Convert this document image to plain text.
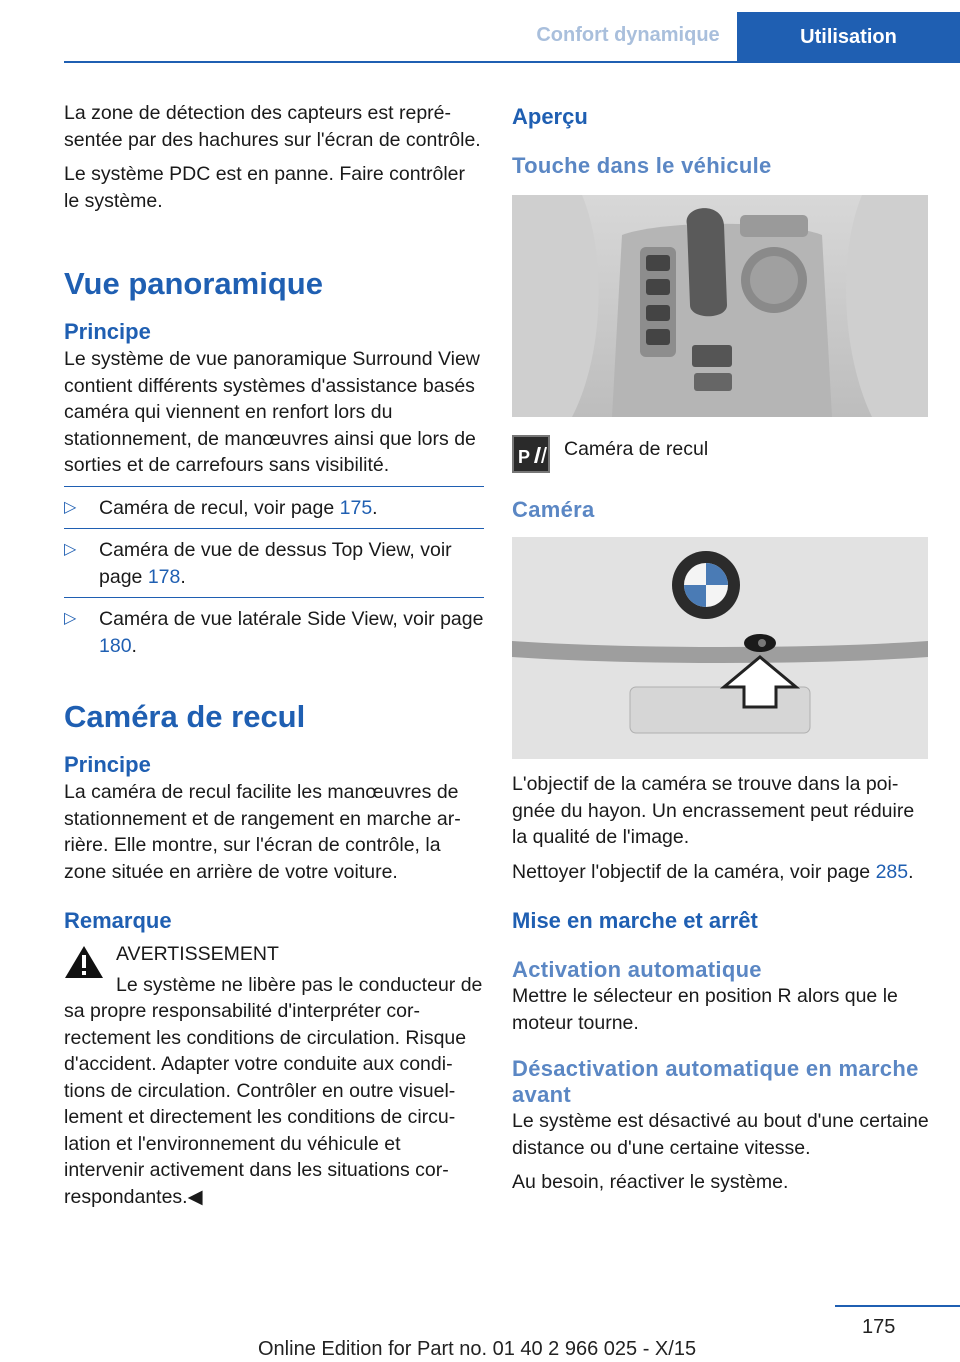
Confort dynamique	Utilisation

La zone de détection des capteurs est représentée par des hachures sur l'écran de contrôle.

Le système PDC est en panne. Faire contrôler le système.

Vue panoramique
Principe

Le système de vue panoramique Surround View contient différents systèmes d'assistance basés caméra qui viennent en renfort lors du stationnement, de manœuvres ainsi que lors de sorties et de carrefours sans visibilité.

▷ Caméra de recul, voir page 175.
▷ Caméra de vue de dessus Top View, voir page 178.
▷ Caméra de vue latérale Side View, voir page 180.
Caméra de recul
Principe

La caméra de recul facilite les manœuvres de stationnement et de rangement en marche arrière. Elle montre, sur l'écran de contrôle, la zone située en arrière de votre voiture.

Remarque

AVERTISSEMENT

Le système ne libère pas le conducteur de sa propre responsabilité d'interpréter correctement les conditions de circulation. Risque d'accident. Adapter votre conduite aux conditions de circulation. Contrôler en outre visuellement et directement les conditions de circulation et l'environnement du véhicule et intervenir activement dans les situations correspondantes.◀

Aperçu
Touche dans le véhicule
P Caméra de recul
Caméra

L'objectif de la caméra se trouve dans la poignée du hayon. Un encrassement peut réduire la qualité de l'image.

Nettoyer l'objectif de la caméra, voir page 285.

Mise en marche et arrêt
Activation automatique

Mettre le sélecteur en position R alors que le moteur tourne.

Désactivation automatique en marche avant

Le système est désactivé au bout d'une certaine distance ou d'une certaine vitesse.

Au besoin, réactiver le système.

175
Online Edition for Part no. 01 40 2 966 025 - X/15
